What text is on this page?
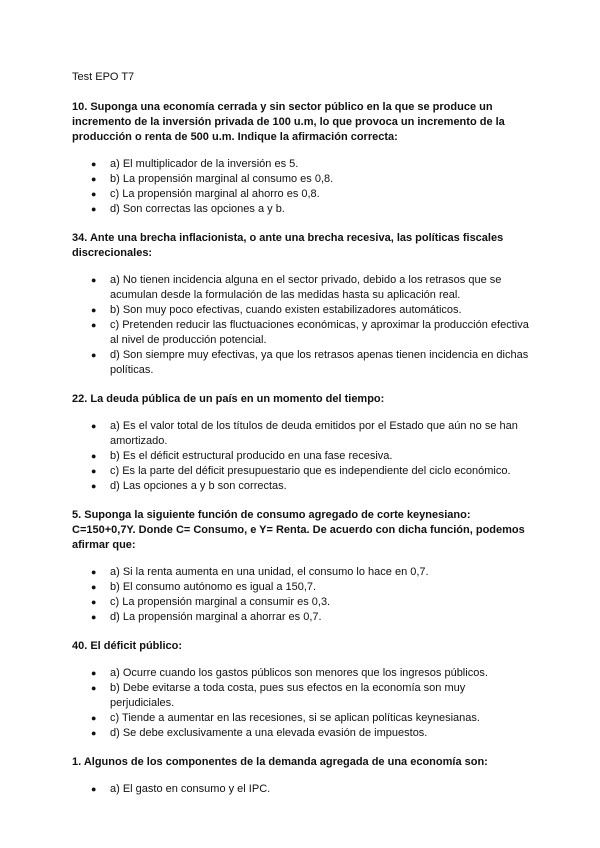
Test EPO T7
10. Suponga una economía cerrada y sin sector público en la que se produce un incremento de la inversión privada de 100 u.m, lo que provoca un incremento de la producción o renta de 500 u.m. Indique la afirmación correcta:
● a) El multiplicador de la inversión es 5.
● b) La propensión marginal al consumo es 0,8.
● c) La propensión marginal al ahorro es 0,8.
● d) Son correctas las opciones a y b.
34. Ante una brecha inflacionista, o ante una brecha recesiva, las políticas fiscales discrecionales:
● a) No tienen incidencia alguna en el sector privado, debido a los retrasos que se acumulan desde la formulación de las medidas hasta su aplicación real.
● b) Son muy poco efectivas, cuando existen estabilizadores automáticos.
● c) Pretenden reducir las fluctuaciones económicas, y aproximar la producción efectiva al nivel de producción potencial.
● d) Son siempre muy efectivas, ya que los retrasos apenas tienen incidencia en dichas políticas.
22. La deuda pública de un país en un momento del tiempo:
● a) Es el valor total de los títulos de deuda emitidos por el Estado que aún no se han amortizado.
● b) Es el déficit estructural producido en una fase recesiva.
● c) Es la parte del déficit presupuestario que es independiente del ciclo económico.
● d) Las opciones a y b son correctas.
5. Suponga la siguiente función de consumo agregado de corte keynesiano: C=150+0,7Y. Donde C= Consumo, e Y= Renta. De acuerdo con dicha función, podemos afirmar que:
● a) Si la renta aumenta en una unidad, el consumo lo hace en 0,7.
● b) El consumo autónomo es igual a 150,7.
● c) La propensión marginal a consumir es 0,3.
● d) La propensión marginal a ahorrar es 0,7.
40. El déficit público:
● a) Ocurre cuando los gastos públicos son menores que los ingresos públicos.
● b) Debe evitarse a toda costa, pues sus efectos en la economía son muy perjudiciales.
● c) Tiende a aumentar en las recesiones, si se aplican políticas keynesianas.
● d) Se debe exclusivamente a una elevada evasión de impuestos.
1. Algunos de los componentes de la demanda agregada de una economía son:
● a) El gasto en consumo y el IPC.
